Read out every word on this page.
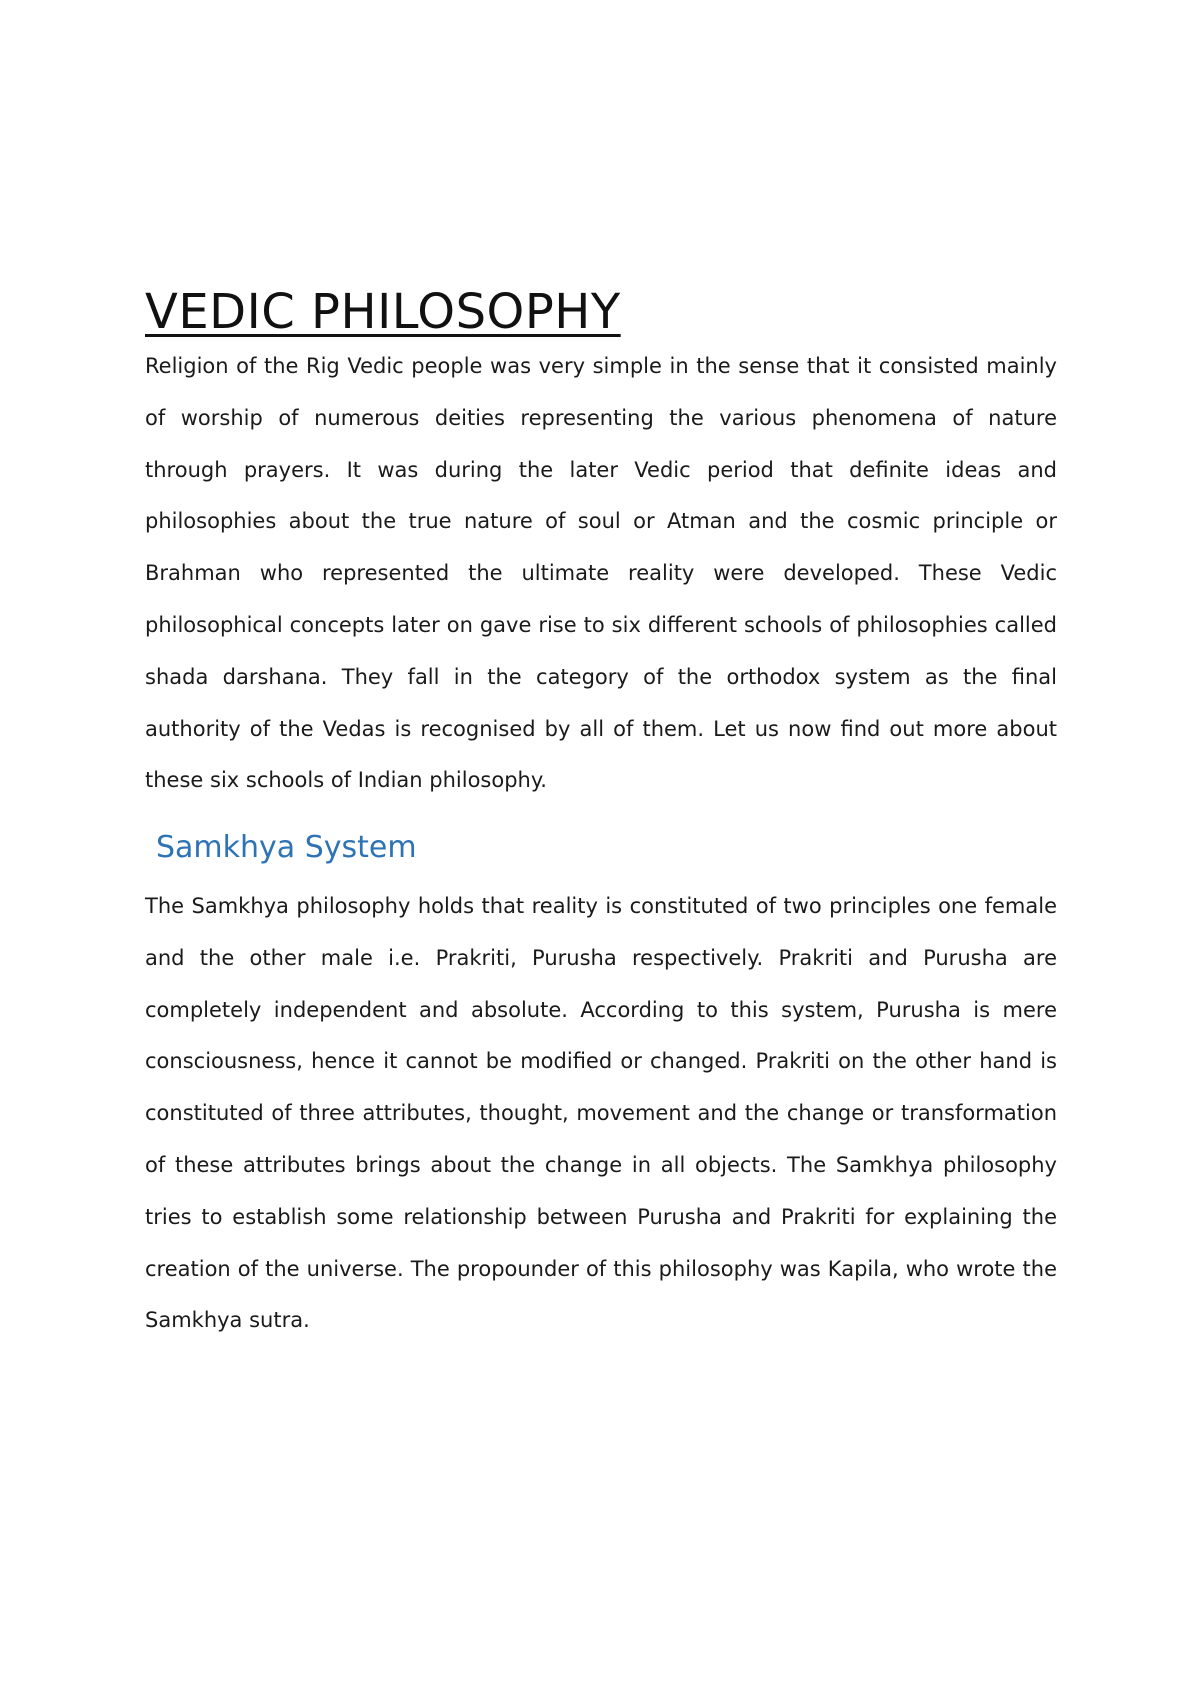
VEDIC PHILOSOPHY

Religion of the Rig Vedic people was very simple in the sense that it consisted mainly of worship of numerous deities representing the various phenomena of nature through prayers. It was during the later Vedic period that definite ideas and philosophies about the true nature of soul or Atman and the cosmic principle or Brahman who represented the ultimate reality were developed. These Vedic philosophical concepts later on gave rise to six different schools of philosophies called shada darshana. They fall in the category of the orthodox system as the final authority of the Vedas is recognised by all of them. Let us now find out more about these six schools of Indian philosophy.

Samkhya System

The Samkhya philosophy holds that reality is constituted of two principles one female and the other male i.e. Prakriti, Purusha respectively. Prakriti and Purusha are completely independent and absolute. According to this system, Purusha is mere consciousness, hence it cannot be modified or changed. Prakriti on the other hand is constituted of three attributes, thought, movement and the change or transformation of these attributes brings about the change in all objects. The Samkhya philosophy tries to establish some relationship between Purusha and Prakriti for explaining the creation of the universe. The propounder of this philosophy was Kapila, who wrote the Samkhya sutra.
